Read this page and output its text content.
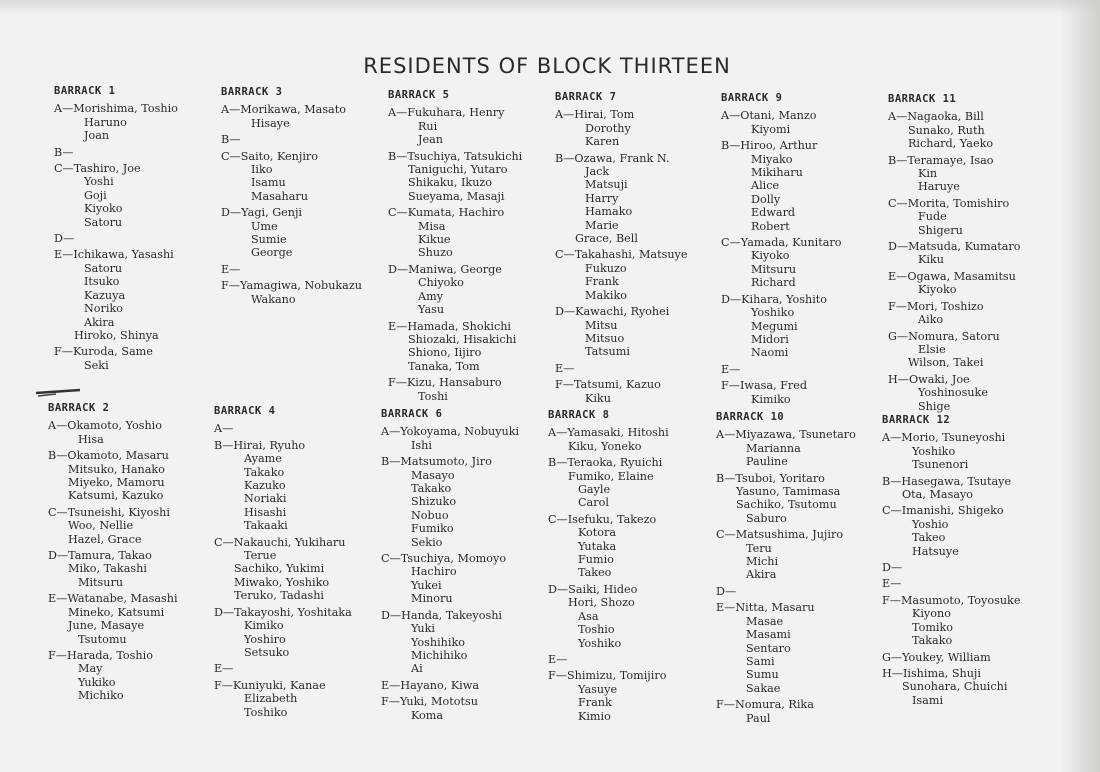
RESIDENTS OF BLOCK THIRTEEN
BARRACK 1
A—Morishima, Toshio
Haruno
Joan
B—
C—Tashiro, Joe
Yoshi
Goji
Kiyoko
Satoru
D—
E—Ichikawa, Yasashi
Satoru
Itsuko
Kazuya
Noriko
Akira
Hiroko, Shinya
F—Kuroda, Same
Seki
BARRACK 3
A—Morikawa, Masato
Hisaye
B—
C—Saito, Kenjiro
Iiko
Isamu
Masaharu
D—Yagi, Genji
Ume
Sumie
George
E—
F—Yamagiwa, Nobukazu
Wakano
BARRACK 5
A—Fukuhara, Henry
Rui
Jean
B—Tsuchiya, Tatsukichi
Taniguchi, Yutaro
Shikaku, Ikuzo
Sueyama, Masaji
C—Kumata, Hachiro
Misa
Kikue
Shuzo
D—Maniwa, George
Chiyoko
Amy
Yasu
E—Hamada, Shokichi
Shiozaki, Hisakichi
Shiono, Iijiro
Tanaka, Tom
F—Kizu, Hansaburo
Toshi
BARRACK 7
A—Hirai, Tom
Dorothy
Karen
B—Ozawa, Frank N.
Jack
Matsuji
Harry
Hamako
Marie
Grace, Bell
C—Takahashi, Matsuye
Fukuzo
Frank
Makiko
D—Kawachi, Ryohei
Mitsu
Mitsuo
Tatsumi
E—
F—Tatsumi, Kazuo
Kiku
BARRACK 9
A—Otani, Manzo
Kiyomi
B—Hiroo, Arthur
Miyako
Mikiharu
Alice
Dolly
Edward
Robert
C—Yamada, Kunitaro
Kiyoko
Mitsuru
Richard
D—Kihara, Yoshito
Yoshiko
Megumi
Midori
Naomi
E—
F—Iwasa, Fred
Kimiko
BARRACK 11
A—Nagaoka, Bill
Sunako, Ruth
Richard, Yaeko
B—Teramaye, Isao
Kin
Haruye
C—Morita, Tomishiro
Fude
Shigeru
D—Matsuda, Kumataro
Kiku
E—Ogawa, Masamitsu
Kiyoko
F—Mori, Toshizo
Aiko
G—Nomura, Satoru
Elsie
Wilson, Takei
H—Owaki, Joe
Yoshinosuke
Shige
BARRACK 2
A—Okamoto, Yoshio
Hisa
B—Okamoto, Masaru
Mitsuko, Hanako
Miyeko, Mamoru
Katsumi, Kazuko
C—Tsuneishi, Kiyoshi
Woo, Nellie
Hazel, Grace
D—Tamura, Takao
Miko, Takashi
Mitsuru
E—Watanabe, Masashi
Mineko, Katsumi
June, Masaye
Tsutomu
F—Harada, Toshio
May
Yukiko
Michiko
BARRACK 4
A—
B—Hirai, Ryuho
Ayame
Takako
Kazuko
Noriaki
Hisashi
Takaaki
C—Nakauchi, Yukiharu
Terue
Sachiko, Yukimi
Miwako, Yoshiko
Teruko, Tadashi
D—Takayoshi, Yoshitaka
Kimiko
Yoshiro
Setsuko
E—
F—Kuniyuki, Kanae
Elizabeth
Toshiko
BARRACK 6
A—Yokoyama, Nobuyuki
Ishi
B—Matsumoto, Jiro
Masayo
Takako
Shizuko
Nobuo
Fumiko
Sekio
C—Tsuchiya, Momoyo
Hachiro
Yukei
Minoru
D—Handa, Takeyoshi
Yuki
Yoshihiko
Michihiko
Ai
E—Hayano, Kiwa
F—Yuki, Mototsu
Koma
BARRACK 8
A—Yamasaki, Hitoshi
Kiku, Yoneko
B—Teraoka, Ryuichi
Fumiko, Elaine
Gayle
Carol
C—Isefuku, Takezo
Kotora
Yutaka
Fumio
Takeo
D—Saiki, Hideo
Hori, Shozo
Asa
Toshio
Yoshiko
E—
F—Shimizu, Tomijiro
Yasuye
Frank
Kimio
BARRACK 10
A—Miyazawa, Tsunetaro
Marianna
Pauline
B—Tsuboi, Yoritaro
Yasuno, Tamimasa
Sachiko, Tsutomu
Saburo
C—Matsushima, Jujiro
Teru
Michi
Akira
D—
E—Nitta, Masaru
Masae
Masami
Sentaro
Sami
Sumu
Sakae
F—Nomura, Rika
Paul
BARRACK 12
A—Morio, Tsuneyoshi
Yoshiko
Tsunenori
B—Hasegawa, Tsutaye
Ota, Masayo
C—Imanishi, Shigeko
Yoshio
Takeo
Hatsuye
D—
E—
F—Masumoto, Toyosuke
Kiyono
Tomiko
Takako
G—Youkey, William
H—Iishima, Shuji
Sunohara, Chuichi
Isami
